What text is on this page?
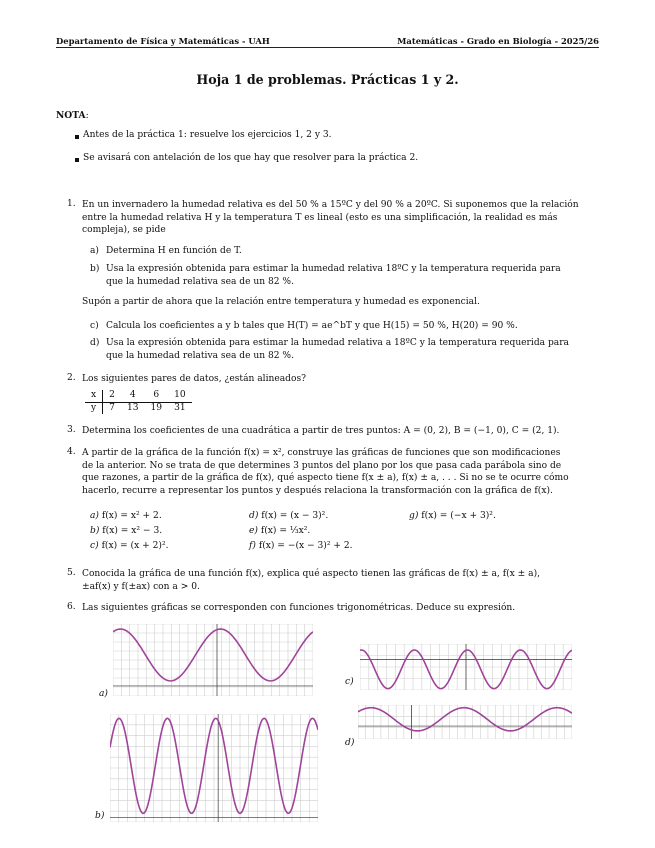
Departamento de Física y Matemáticas - UAH	Matemáticas - Grado en Biología - 2025/26
Hoja 1 de problemas. Prácticas 1 y 2.
NOTA:
Antes de la práctica 1: resuelve los ejercicios 1, 2 y 3.
Se avisará con antelación de los que hay que resolver para la práctica 2.
1. En un invernadero la humedad relativa es del 50 % a 15ºC y del 90 % a 20ºC. Si suponemos que la relación
entre la humedad relativa H y la temperatura T es lineal (esto es una simplificación, la realidad es más
compleja), se pide
a) Determina H en función de T.
b) Usa la expresión obtenida para estimar la humedad relativa 18ºC y la temperatura requerida para
que la humedad relativa sea de un 82 %.
Supón a partir de ahora que la relación entre temperatura y humedad es exponencial.
c) Calcula los coeficientes a y b tales que H(T) = ae^bT y que H(15) = 50 %, H(20) = 90 %.
d) Usa la expresión obtenida para estimar la humedad relativa a 18ºC y la temperatura requerida para
que la humedad relativa sea de un 82 %.
2. Los siguientes pares de datos, ¿están alineados?
x	2	4	6	10
y	7	13	19	31
3. Determina los coeficientes de una cuadrática a partir de tres puntos: A = (0, 2), B = (−1, 0), C = (2, 1).
4. A partir de la gráfica de la función f(x) = x², construye las gráficas de funciones que son modificaciones
de la anterior. No se trata de que determines 3 puntos del plano por los que pasa cada parábola sino de
que razones, a partir de la gráfica de f(x), qué aspecto tiene f(x ± a), f(x) ± a, . . . Si no se te ocurre cómo
hacerlo, recurre a representar los puntos y después relaciona la transformación con la gráfica de f(x).
a) f(x) = x² + 2.
b) f(x) = x² − 3.
c) f(x) = (x + 2)².
d) f(x) = (x − 3)².
e) f(x) = ⅓x².
f) f(x) = −(x − 3)² + 2.
g) f(x) = (−x + 3)².
5. Conocida la gráfica de una función f(x), explica qué aspecto tienen las gráficas de f(x) ± a, f(x ± a),
±af(x) y f(±ax) con a > 0.
6. Las siguientes gráficas se corresponden con funciones trigonométricas. Deduce su expresión.
a)
b)
c)
d)
